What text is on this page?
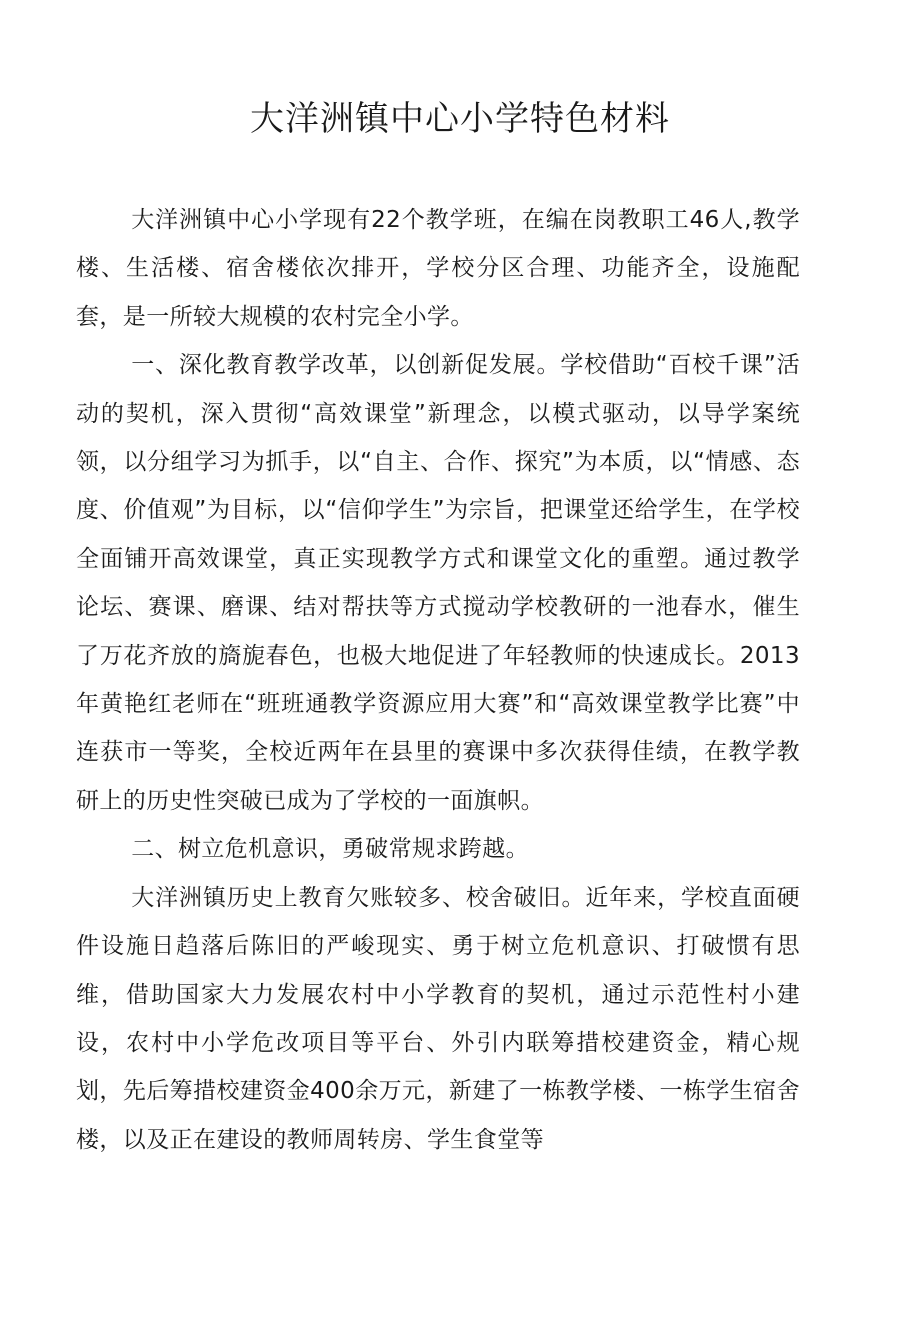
大洋洲镇中心小学特色材料

大洋洲镇中心小学现有22个教学班，在编在岗教职工46人,教学楼、生活楼、宿舍楼依次排开，学校分区合理、功能齐全，设施配套，是一所较大规模的农村完全小学。

一、深化教育教学改革，以创新促发展。学校借助“百校千课”活动的契机，深入贯彻“高效课堂”新理念，以模式驱动，以导学案统领，以分组学习为抓手，以“自主、合作、探究”为本质，以“情感、态度、价值观”为目标，以“信仰学生”为宗旨，把课堂还给学生，在学校全面铺开高效课堂，真正实现教学方式和课堂文化的重塑。通过教学论坛、赛课、磨课、结对帮扶等方式搅动学校教研的一池春水，催生了万花齐放的旖旎春色，也极大地促进了年轻教师的快速成长。2013年黄艳红老师在“班班通教学资源应用大赛”和“高效课堂教学比赛”中连获市一等奖，全校近两年在县里的赛课中多次获得佳绩，在教学教研上的历史性突破已成为了学校的一面旗帜。

二、树立危机意识，勇破常规求跨越。

大洋洲镇历史上教育欠账较多、校舍破旧。近年来，学校直面硬件设施日趋落后陈旧的严峻现实、勇于树立危机意识、打破惯有思维，借助国家大力发展农村中小学教育的契机，通过示范性村小建设，农村中小学危改项目等平台、外引内联筹措校建资金，精心规划，先后筹措校建资金400余万元，新建了一栋教学楼、一栋学生宿舍楼，以及正在建设的教师周转房、学生食堂等
